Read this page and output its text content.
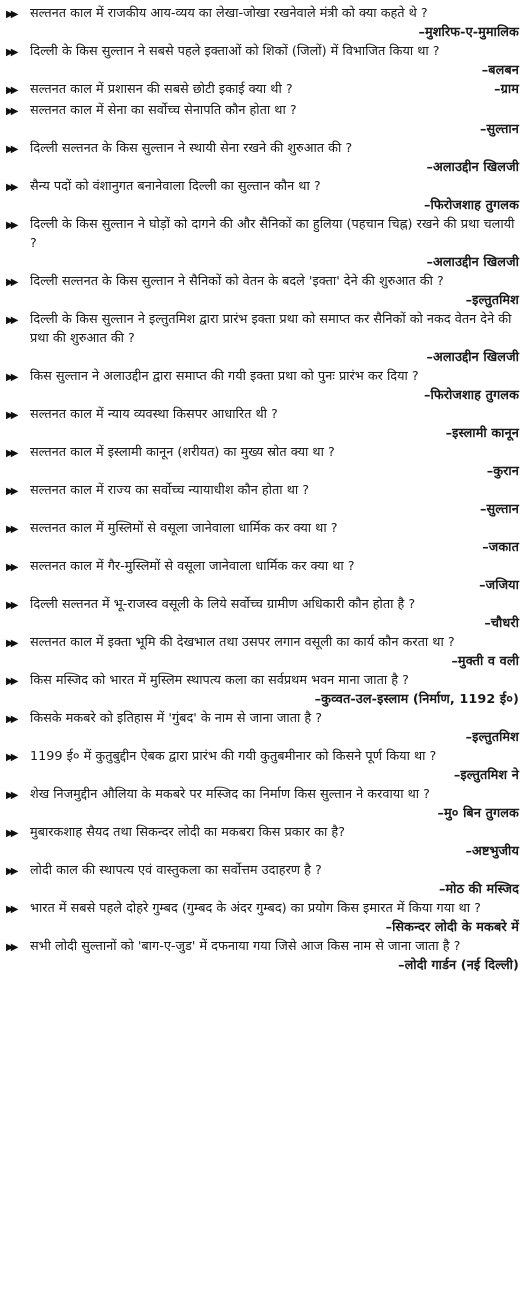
▶▶	सल्तनत काल में राजकीय आय-व्यय का लेखा-जोखा रखनेवाले मंत्री को क्या कहते थे ?

–मुशरिफ-ए-मुमालिक

▶▶	दिल्ली के किस सुल्तान ने सबसे पहले इक्ताओं को शिकों (जिलों) में विभाजित किया था ?

–बलबन

▶▶	–ग्राम
सल्तनत काल में प्रशासन की सबसे छोटी इकाई क्या थी ?

▶▶	सल्तनत काल में सेना का सर्वोच्च सेनापति कौन होता था ?

–सुल्तान

▶▶	दिल्ली सल्तनत के किस सुल्तान ने स्थायी सेना रखने की शुरुआत की ?

–अलाउद्दीन खिलजी

▶▶	सैन्य पदों को वंशानुगत बनानेवाला दिल्ली का सुल्तान कौन था ?

–फिरोजशाह तुगलक

▶▶	दिल्ली के किस सुल्तान ने घोड़ों को दागने की और सैनिकों का हुलिया (पहचान चिह्न) रखने की प्रथा चलायी ?

–अलाउद्दीन खिलजी

▶▶	दिल्ली सल्तनत के किस सुल्तान ने सैनिकों को वेतन के बदले 'इक्ता' देने की शुरुआत की ?

–इल्तुतमिश

▶▶	दिल्ली के किस सुल्तान ने इल्तुतमिश द्वारा प्रारंभ इक्ता प्रथा को समाप्त कर सैनिकों को नकद वेतन देने की प्रथा की शुरुआत की ?

–अलाउद्दीन खिलजी

▶▶	किस सुल्तान ने अलाउद्दीन द्वारा समाप्त की गयी इक्ता प्रथा को पुनः प्रारंभ कर दिया ?

–फिरोजशाह तुगलक

▶▶	सल्तनत काल में न्याय व्यवस्था किसपर आधारित थी ?

–इस्लामी कानून

▶▶	सल्तनत काल में इस्लामी कानून (शरीयत) का मुख्य स्रोत क्या था ?

–कुरान

▶▶	सल्तनत काल में राज्य का सर्वोच्च न्यायाधीश कौन होता था ?

–सुल्तान

▶▶	सल्तनत काल में मुस्लिमों से वसूला जानेवाला धार्मिक कर क्या था ?

–जकात

▶▶	सल्तनत काल में गैर-मुस्लिमों से वसूला जानेवाला धार्मिक कर क्या था ?

–जजिया

▶▶	दिल्ली सल्तनत में भू-राजस्व वसूली के लिये सर्वोच्च ग्रामीण अधिकारी कौन होता है ?

–चौधरी

▶▶	सल्तनत काल में इक्ता भूमि की देखभाल तथा उसपर लगान वसूली का कार्य कौन करता था ?

–मुक्ती व वली

▶▶	किस मस्जिद को भारत में मुस्लिम स्थापत्य कला का सर्वप्रथम भवन माना जाता है ?

–कुव्वत-उल-इस्लाम (निर्माण, 1192 ई०)

▶▶	किसके मकबरे को इतिहास में 'गुंबद' के नाम से जाना जाता है ?

–इल्तुतमिश

▶▶	1199 ई० में कुतुबुद्दीन ऐबक द्वारा प्रारंभ की गयी कुतुबमीनार को किसने पूर्ण किया था ?

–इल्तुतमिश ने

▶▶	शेख निजमुद्दीन औलिया के मकबरे पर मस्जिद का निर्माण किस सुल्तान ने करवाया था ?

–मु० बिन तुगलक

▶▶	मुबारकशाह सैयद तथा सिकन्दर लोदी का मकबरा किस प्रकार का है?

–अष्टभुजीय

▶▶	लोदी काल की स्थापत्य एवं वास्तुकला का सर्वोत्तम उदाहरण है ?

–मोठ की मस्जिद

▶▶	भारत में सबसे पहले दोहरे गुम्बद (गुम्बद के अंदर गुम्बद) का प्रयोग किस इमारत में किया गया था ?

–सिकन्दर लोदी के मकबरे में

▶▶	सभी लोदी सुल्तानों को 'बाग-ए-जुड' में दफनाया गया जिसे आज किस नाम से जाना जाता है ?

–लोदी गार्डन (नई दिल्ली)
